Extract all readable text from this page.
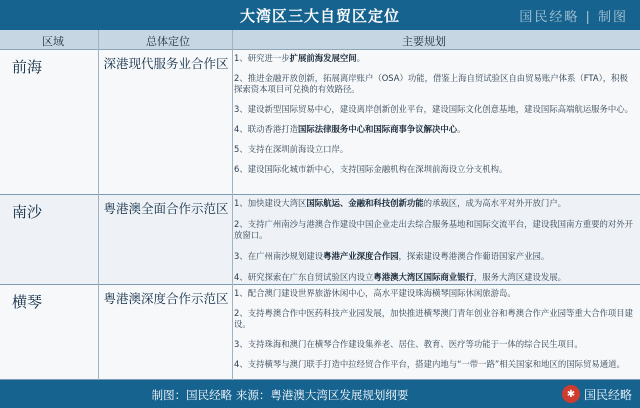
大湾区三大自贸区定位	国民经略 | 制图
区域	总体定位	主要规划
前海	深港现代服务业合作区 1、研究进一步扩展前海发展空间。
2、推进金融开放创新，拓展离岸账户（OSA）功能，借鉴上海自贸试验区自由贸易账户体系（FTA），积极探索资本项目可兑换的有效路径。
3、建设新型国际贸易中心，建设离岸创新创业平台，建设国际文化创意基地，建设国际高端航运服务中心。
4、联动香港打造国际法律服务中心和国际商事争议解决中心。
5、支持在深圳前海设立口岸。
6、建设国际化城市新中心，支持国际金融机构在深圳前海设立分支机构。
南沙	粤港澳全面合作示范区 1、加快建设大湾区国际航运、金融和科技创新功能的承载区，成为高水平对外开放门户。
2、支持广州南沙与港澳合作建设中国企业走出去综合服务基地和国际交流平台，建设我国南方重要的对外开放窗口。
3、在广州南沙规划建设粤港产业深度合作园，探索建设粤港澳合作葡语国家产业园。
4、研究探索在广东自贸试验区内设立粤港澳大湾区国际商业银行，服务大湾区建设发展。
横琴	粤港澳深度合作示范区 1、配合澳门建设世界旅游休闲中心，高水平建设珠海横琴国际休闲旅游岛。
2、支持粤澳合作中医药科技产业园发展，加快推进横琴澳门青年创业谷和粤澳合作产业园等重大合作项目建设。
3、支持珠海和澳门在横琴合作建设集养老、居住、教育、医疗等功能于一体的综合民生项目。
4、支持横琴与澳门联手打造中拉经贸合作平台，搭建内地与“一带一路”相关国家和地区的国际贸易通道。
制图：国民经略 来源：粤港澳大湾区发展规划纲要	✱ 国民经略
